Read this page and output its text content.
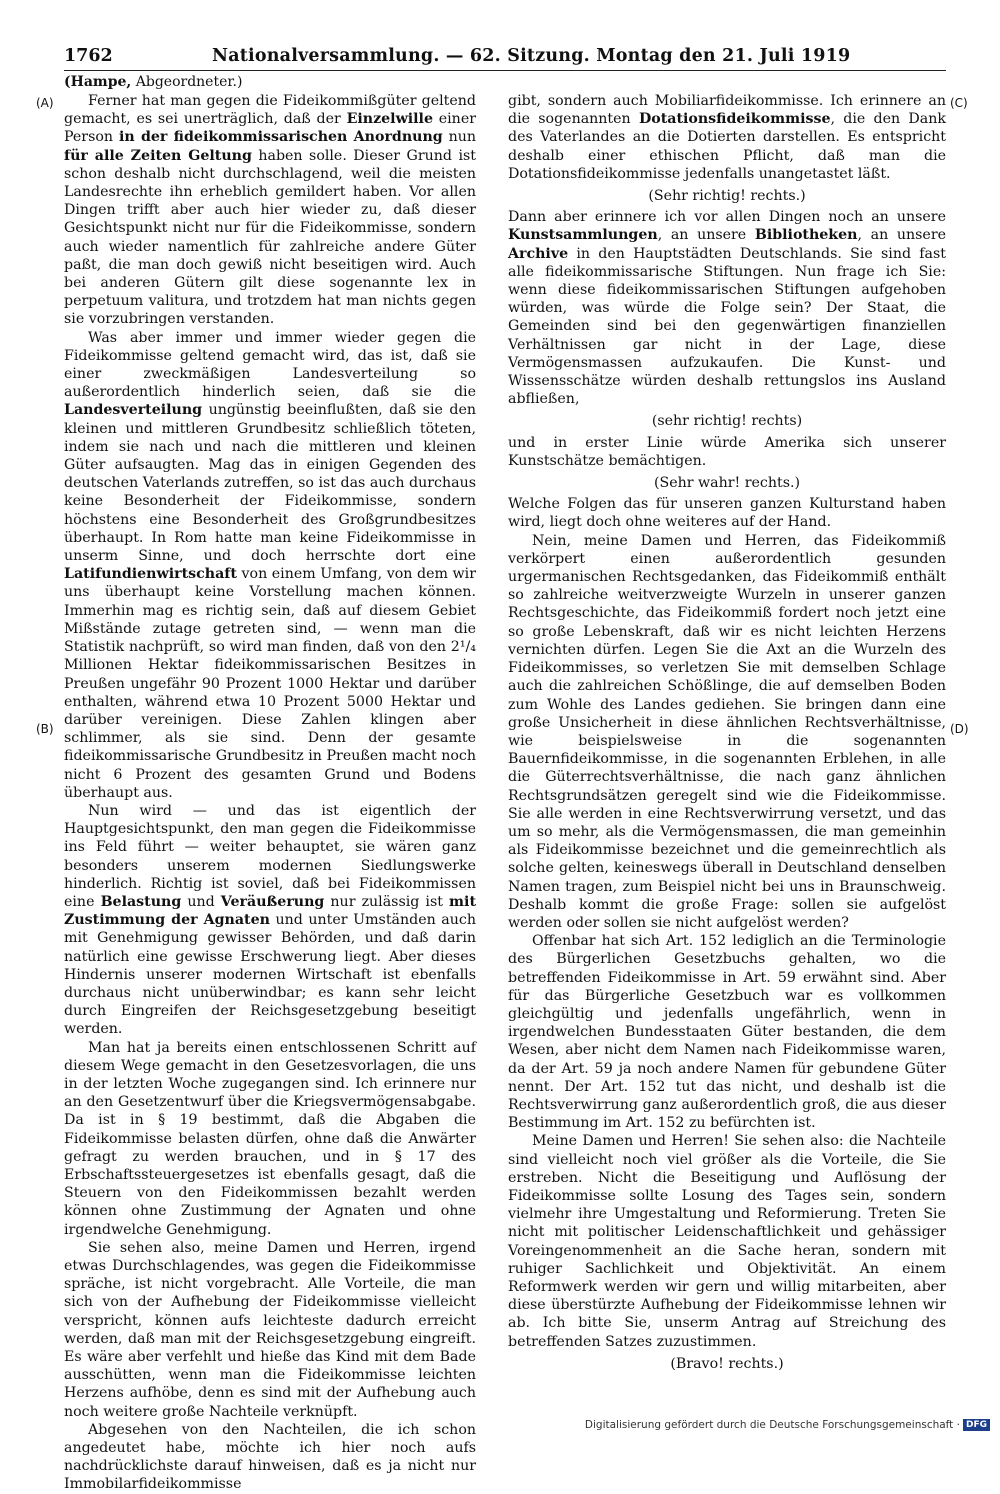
1762	Nationalversammlung. — 62. Sitzung. Montag den 21. Juli 1919
(Hampe, Abgeordneter.)
(A)
(B)
(C)
(D)

Ferner hat man gegen die Fideikommißgüter geltend gemacht, es sei unerträglich, daß der Einzelwille einer Person in der fideikommissarischen Anordnung nun für alle Zeiten Geltung haben solle. Dieser Grund ist schon deshalb nicht durchschlagend, weil die meisten Landesrechte ihn erheblich gemildert haben. Vor allen Dingen trifft aber auch hier wieder zu, daß dieser Gesichtspunkt nicht nur für die Fideikommisse, sondern auch wieder namentlich für zahlreiche andere Güter paßt, die man doch gewiß nicht beseitigen wird. Auch bei anderen Gütern gilt diese sogenannte lex in perpetuum valitura, und trotzdem hat man nichts gegen sie vorzubringen verstanden.

Was aber immer und immer wieder gegen die Fideikommisse geltend gemacht wird, das ist, daß sie einer zweckmäßigen Landesverteilung so außerordentlich hinderlich seien, daß sie die Landesverteilung ungünstig beeinflußten, daß sie den kleinen und mittleren Grundbesitz schließlich töteten, indem sie nach und nach die mittleren und kleinen Güter aufsaugten. Mag das in einigen Gegenden des deutschen Vaterlands zutreffen, so ist das auch durchaus keine Besonderheit der Fideikommisse, sondern höchstens eine Besonderheit des Großgrundbesitzes überhaupt. In Rom hatte man keine Fideikommisse in unserm Sinne, und doch herrschte dort eine Latifundienwirtschaft von einem Umfang, von dem wir uns überhaupt keine Vorstellung machen können. Immerhin mag es richtig sein, daß auf diesem Gebiet Mißstände zutage getreten sind, — wenn man die Statistik nachprüft, so wird man finden, daß von den 2¹/₄ Millionen Hektar fideikommissarischen Besitzes in Preußen ungefähr 90 Prozent 1000 Hektar und darüber enthalten, während etwa 10 Prozent 5000 Hektar und darüber vereinigen. Diese Zahlen klingen aber schlimmer, als sie sind. Denn der gesamte fideikommissarische Grundbesitz in Preußen macht noch nicht 6 Prozent des gesamten Grund und Bodens überhaupt aus.

Nun wird — und das ist eigentlich der Hauptgesichtspunkt, den man gegen die Fideikommisse ins Feld führt — weiter behauptet, sie wären ganz besonders unserem modernen Siedlungswerke hinderlich. Richtig ist soviel, daß bei Fideikommissen eine Belastung und Veräußerung nur zulässig ist mit Zustimmung der Agnaten und unter Umständen auch mit Genehmigung gewisser Behörden, und daß darin natürlich eine gewisse Erschwerung liegt. Aber dieses Hindernis unserer modernen Wirtschaft ist ebenfalls durchaus nicht unüberwindbar; es kann sehr leicht durch Eingreifen der Reichsgesetzgebung beseitigt werden.

Man hat ja bereits einen entschlossenen Schritt auf diesem Wege gemacht in den Gesetzesvorlagen, die uns in der letzten Woche zugegangen sind. Ich erinnere nur an den Gesetzentwurf über die Kriegsvermögensabgabe. Da ist in § 19 bestimmt, daß die Abgaben die Fideikommisse belasten dürfen, ohne daß die Anwärter gefragt zu werden brauchen, und in § 17 des Erbschaftssteuergesetzes ist ebenfalls gesagt, daß die Steuern von den Fideikommissen bezahlt werden können ohne Zustimmung der Agnaten und ohne irgendwelche Genehmigung.

Sie sehen also, meine Damen und Herren, irgend etwas Durchschlagendes, was gegen die Fideikommisse spräche, ist nicht vorgebracht. Alle Vorteile, die man sich von der Aufhebung der Fideikommisse vielleicht verspricht, können aufs leichteste dadurch erreicht werden, daß man mit der Reichsgesetzgebung eingreift. Es wäre aber verfehlt und hieße das Kind mit dem Bade ausschütten, wenn man die Fideikommisse leichten Herzens aufhöbe, denn es sind mit der Aufhebung auch noch weitere große Nachteile verknüpft.

Abgesehen von den Nachteilen, die ich schon angedeutet habe, möchte ich hier noch aufs nachdrücklichste darauf hinweisen, daß es ja nicht nur Immobilarfideikommisse

gibt, sondern auch Mobiliarfideikommisse. Ich erinnere an die sogenannten Dotationsfideikommisse, die den Dank des Vaterlandes an die Dotierten darstellen. Es entspricht deshalb einer ethischen Pflicht, daß man die Dotationsfideikommisse jedenfalls unangetastet läßt.

(Sehr richtig! rechts.)

Dann aber erinnere ich vor allen Dingen noch an unsere Kunstsammlungen, an unsere Bibliotheken, an unsere Archive in den Hauptstädten Deutschlands. Sie sind fast alle fideikommissarische Stiftungen. Nun frage ich Sie: wenn diese fideikommissarischen Stiftungen aufgehoben würden, was würde die Folge sein? Der Staat, die Gemeinden sind bei den gegenwärtigen finanziellen Verhältnissen gar nicht in der Lage, diese Vermögensmassen aufzukaufen. Die Kunst- und Wissensschätze würden deshalb rettungslos ins Ausland abfließen,

(sehr richtig! rechts)

und in erster Linie würde Amerika sich unserer Kunstschätze bemächtigen.

(Sehr wahr! rechts.)

Welche Folgen das für unseren ganzen Kulturstand haben wird, liegt doch ohne weiteres auf der Hand.

Nein, meine Damen und Herren, das Fideikommiß verkörpert einen außerordentlich gesunden urgermanischen Rechtsgedanken, das Fideikommiß enthält so zahlreiche weitverzweigte Wurzeln in unserer ganzen Rechtsgeschichte, das Fideikommiß fordert noch jetzt eine so große Lebenskraft, daß wir es nicht leichten Herzens vernichten dürfen. Legen Sie die Axt an die Wurzeln des Fideikommisses, so verletzen Sie mit demselben Schlage auch die zahlreichen Schößlinge, die auf demselben Boden zum Wohle des Landes gediehen. Sie bringen dann eine große Unsicherheit in diese ähnlichen Rechtsverhältnisse, wie beispielsweise in die sogenannten Bauernfideikommisse, in die sogenannten Erblehen, in alle die Güterrechtsverhältnisse, die nach ganz ähnlichen Rechtsgrundsätzen geregelt sind wie die Fideikommisse. Sie alle werden in eine Rechtsverwirrung versetzt, und das um so mehr, als die Vermögensmassen, die man gemeinhin als Fideikommisse bezeichnet und die gemeinrechtlich als solche gelten, keineswegs überall in Deutschland denselben Namen tragen, zum Beispiel nicht bei uns in Braunschweig. Deshalb kommt die große Frage: sollen sie aufgelöst werden oder sollen sie nicht aufgelöst werden?

Offenbar hat sich Art. 152 lediglich an die Terminologie des Bürgerlichen Gesetzbuchs gehalten, wo die betreffenden Fideikommisse in Art. 59 erwähnt sind. Aber für das Bürgerliche Gesetzbuch war es vollkommen gleichgültig und jedenfalls ungefährlich, wenn in irgendwelchen Bundesstaaten Güter bestanden, die dem Wesen, aber nicht dem Namen nach Fideikommisse waren, da der Art. 59 ja noch andere Namen für gebundene Güter nennt. Der Art. 152 tut das nicht, und deshalb ist die Rechtsverwirrung ganz außerordentlich groß, die aus dieser Bestimmung im Art. 152 zu befürchten ist.

Meine Damen und Herren! Sie sehen also: die Nachteile sind vielleicht noch viel größer als die Vorteile, die Sie erstreben. Nicht die Beseitigung und Auflösung der Fideikommisse sollte Losung des Tages sein, sondern vielmehr ihre Umgestaltung und Reformierung. Treten Sie nicht mit politischer Leidenschaftlichkeit und gehässiger Voreingenommenheit an die Sache heran, sondern mit ruhiger Sachlichkeit und Objektivität. An einem Reformwerk werden wir gern und willig mitarbeiten, aber diese überstürzte Aufhebung der Fideikommisse lehnen wir ab. Ich bitte Sie, unserm Antrag auf Streichung des betreffenden Satzes zuzustimmen.

(Bravo! rechts.)

Digitalisierung gefördert durch die Deutsche Forschungsgemeinschaft · DFG
